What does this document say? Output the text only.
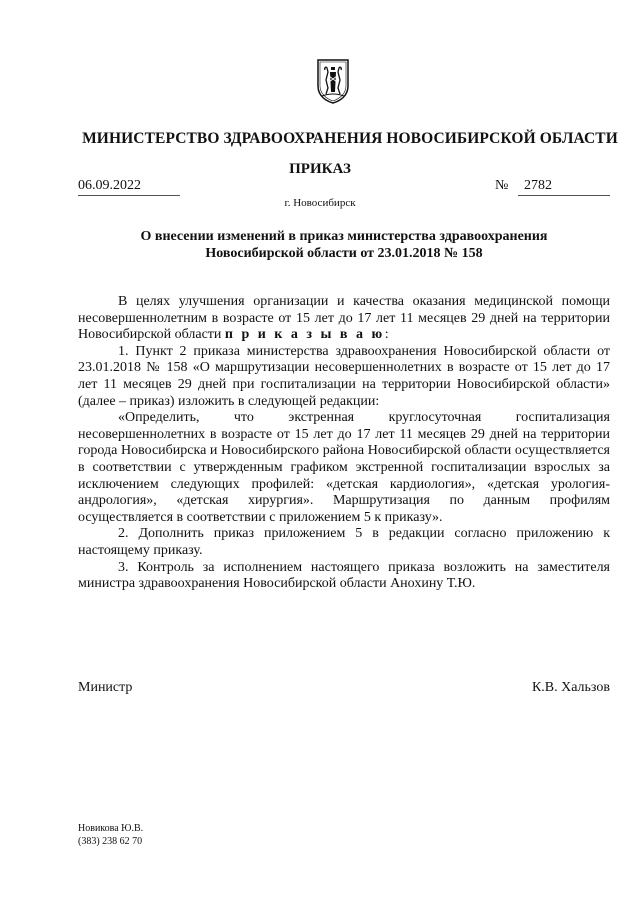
МИНИСТЕРСТВО ЗДРАВООХРАНЕНИЯ НОВОСИБИРСКОЙ ОБЛАСТИ
ПРИКАЗ
06.09.2022	№	2782
г. Новосибирск
О внесении изменений в приказ министерства здравоохранения
Новосибирской области от 23.01.2018 № 158

В целях улучшения организации и качества оказания медицинской помощи несовершеннолетним в возрасте от 15 лет до 17 лет 11 месяцев 29 дней на территории Новосибирской области п р и к а з ы в а ю:

1. Пункт 2 приказа министерства здравоохранения Новосибирской области от 23.01.2018 № 158 «О маршрутизации несовершеннолетних в возрасте от 15 лет до 17 лет 11 месяцев 29 дней при госпитализации на территории Новосибирской области» (далее – приказ) изложить в следующей редакции:

«Определить, что экстренная круглосуточная госпитализация несовершеннолетних в возрасте от 15 лет до 17 лет 11 месяцев 29 дней на территории города Новосибирска и Новосибирского района Новосибирской области осуществляется в соответствии с утвержденным графиком экстренной госпитализации взрослых за исключением следующих профилей: «детская кардиология», «детская урология-андрология», «детская хирургия». Маршрутизация по данным профилям осуществляется в соответствии с приложением 5 к приказу».

2. Дополнить приказ приложением 5 в редакции согласно приложению к настоящему приказу.

3. Контроль за исполнением настоящего приказа возложить на заместителя министра здравоохранения Новосибирской области Анохину Т.Ю.

Министр	К.В. Хальзов
Новикова Ю.В.
(383) 238 62 70
